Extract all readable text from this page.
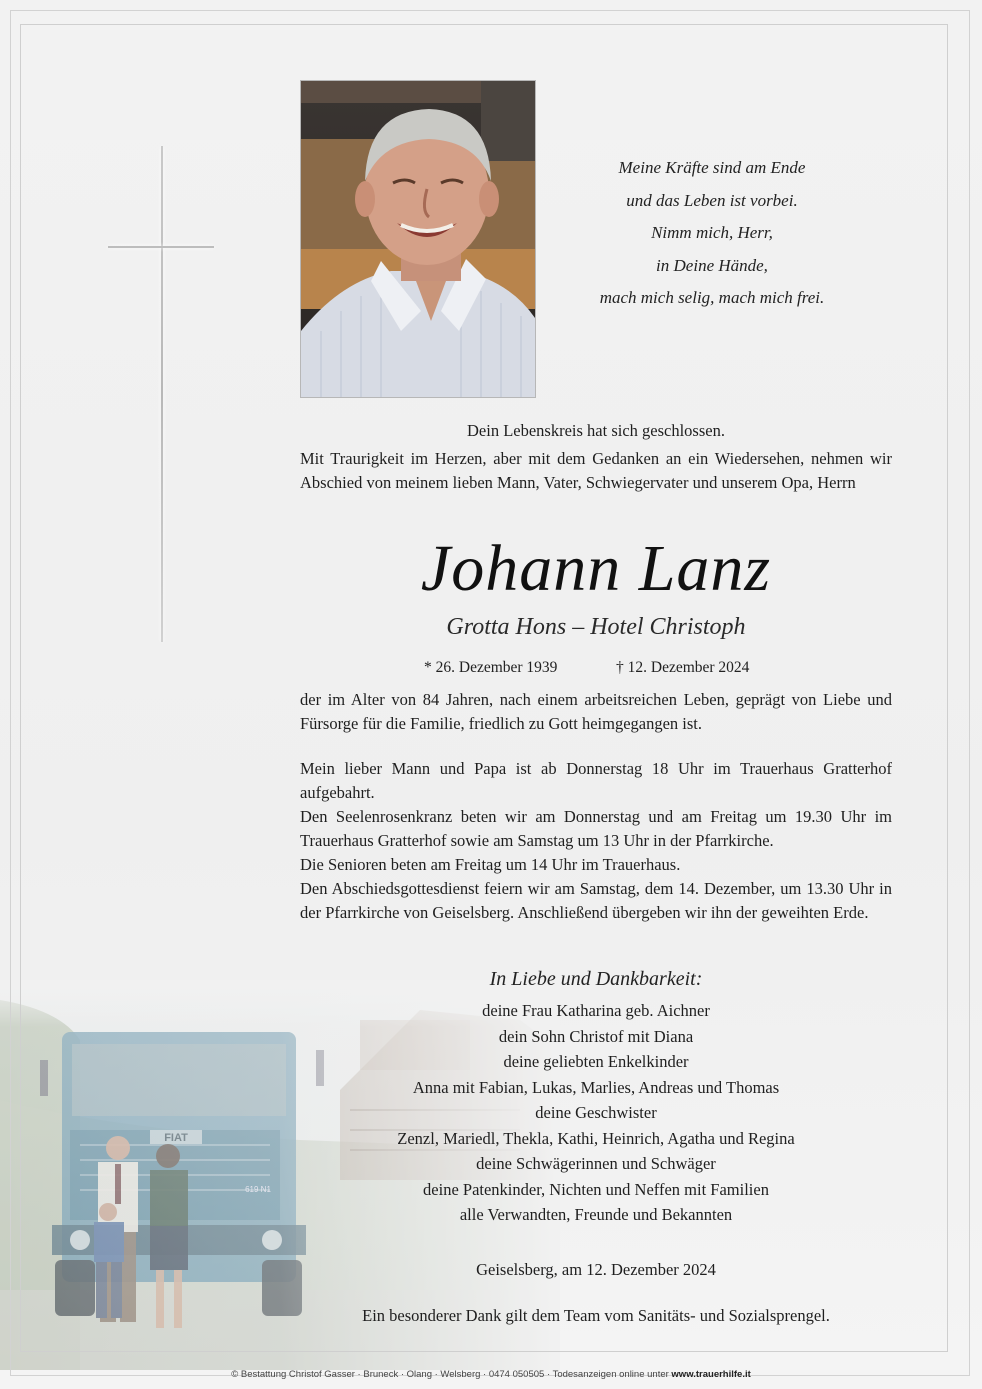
Meine Kräfte sind am Ende
und das Leben ist vorbei.
Nimm mich, Herr,
in Deine Hände,
mach mich selig, mach mich frei.
Dein Lebenskreis hat sich geschlossen.
Mit Traurigkeit im Herzen, aber mit dem Gedanken an ein Wiedersehen, nehmen wir Abschied von meinem lieben Mann, Vater, Schwiegervater und unserem Opa, Herrn
Johann Lanz
Grotta Hons – Hotel Christoph
* 26. Dezember 1939	† 12. Dezember 2024
der im Alter von 84 Jahren, nach einem arbeitsreichen Leben, geprägt von Liebe und Fürsorge für die Familie, friedlich zu Gott heimgegangen ist.
Mein lieber Mann und Papa ist ab Donnerstag 18 Uhr im Trauerhaus Gratterhof aufgebahrt.
Den Seelenrosenkranz beten wir am Donnerstag und am Freitag um 19.30 Uhr im Trauerhaus Gratterhof sowie am Samstag um 13 Uhr in der Pfarrkirche.
Die Senioren beten am Freitag um 14 Uhr im Trauerhaus.
Den Abschiedsgottesdienst feiern wir am Samstag, dem 14. Dezember, um 13.30 Uhr in der Pfarrkirche von Geiselsberg. Anschließend übergeben wir ihn der geweihten Erde.
In Liebe und Dankbarkeit:
deine Frau Katharina geb. Aichner
dein Sohn Christof mit Diana
deine geliebten Enkelkinder
Anna mit Fabian, Lukas, Marlies, Andreas und Thomas
deine Geschwister
Zenzl, Mariedl, Thekla, Kathi, Heinrich, Agatha und Regina
deine Schwägerinnen und Schwäger
deine Patenkinder, Nichten und Neffen mit Familien
alle Verwandten, Freunde und Bekannten
Geiselsberg, am 12. Dezember 2024
Ein besonderer Dank gilt dem Team vom Sanitäts- und Sozialsprengel.
© Bestattung Christof Gasser · Bruneck · Olang · Welsberg · 0474 050505 · Todesanzeigen online unter www.trauerhilfe.it
